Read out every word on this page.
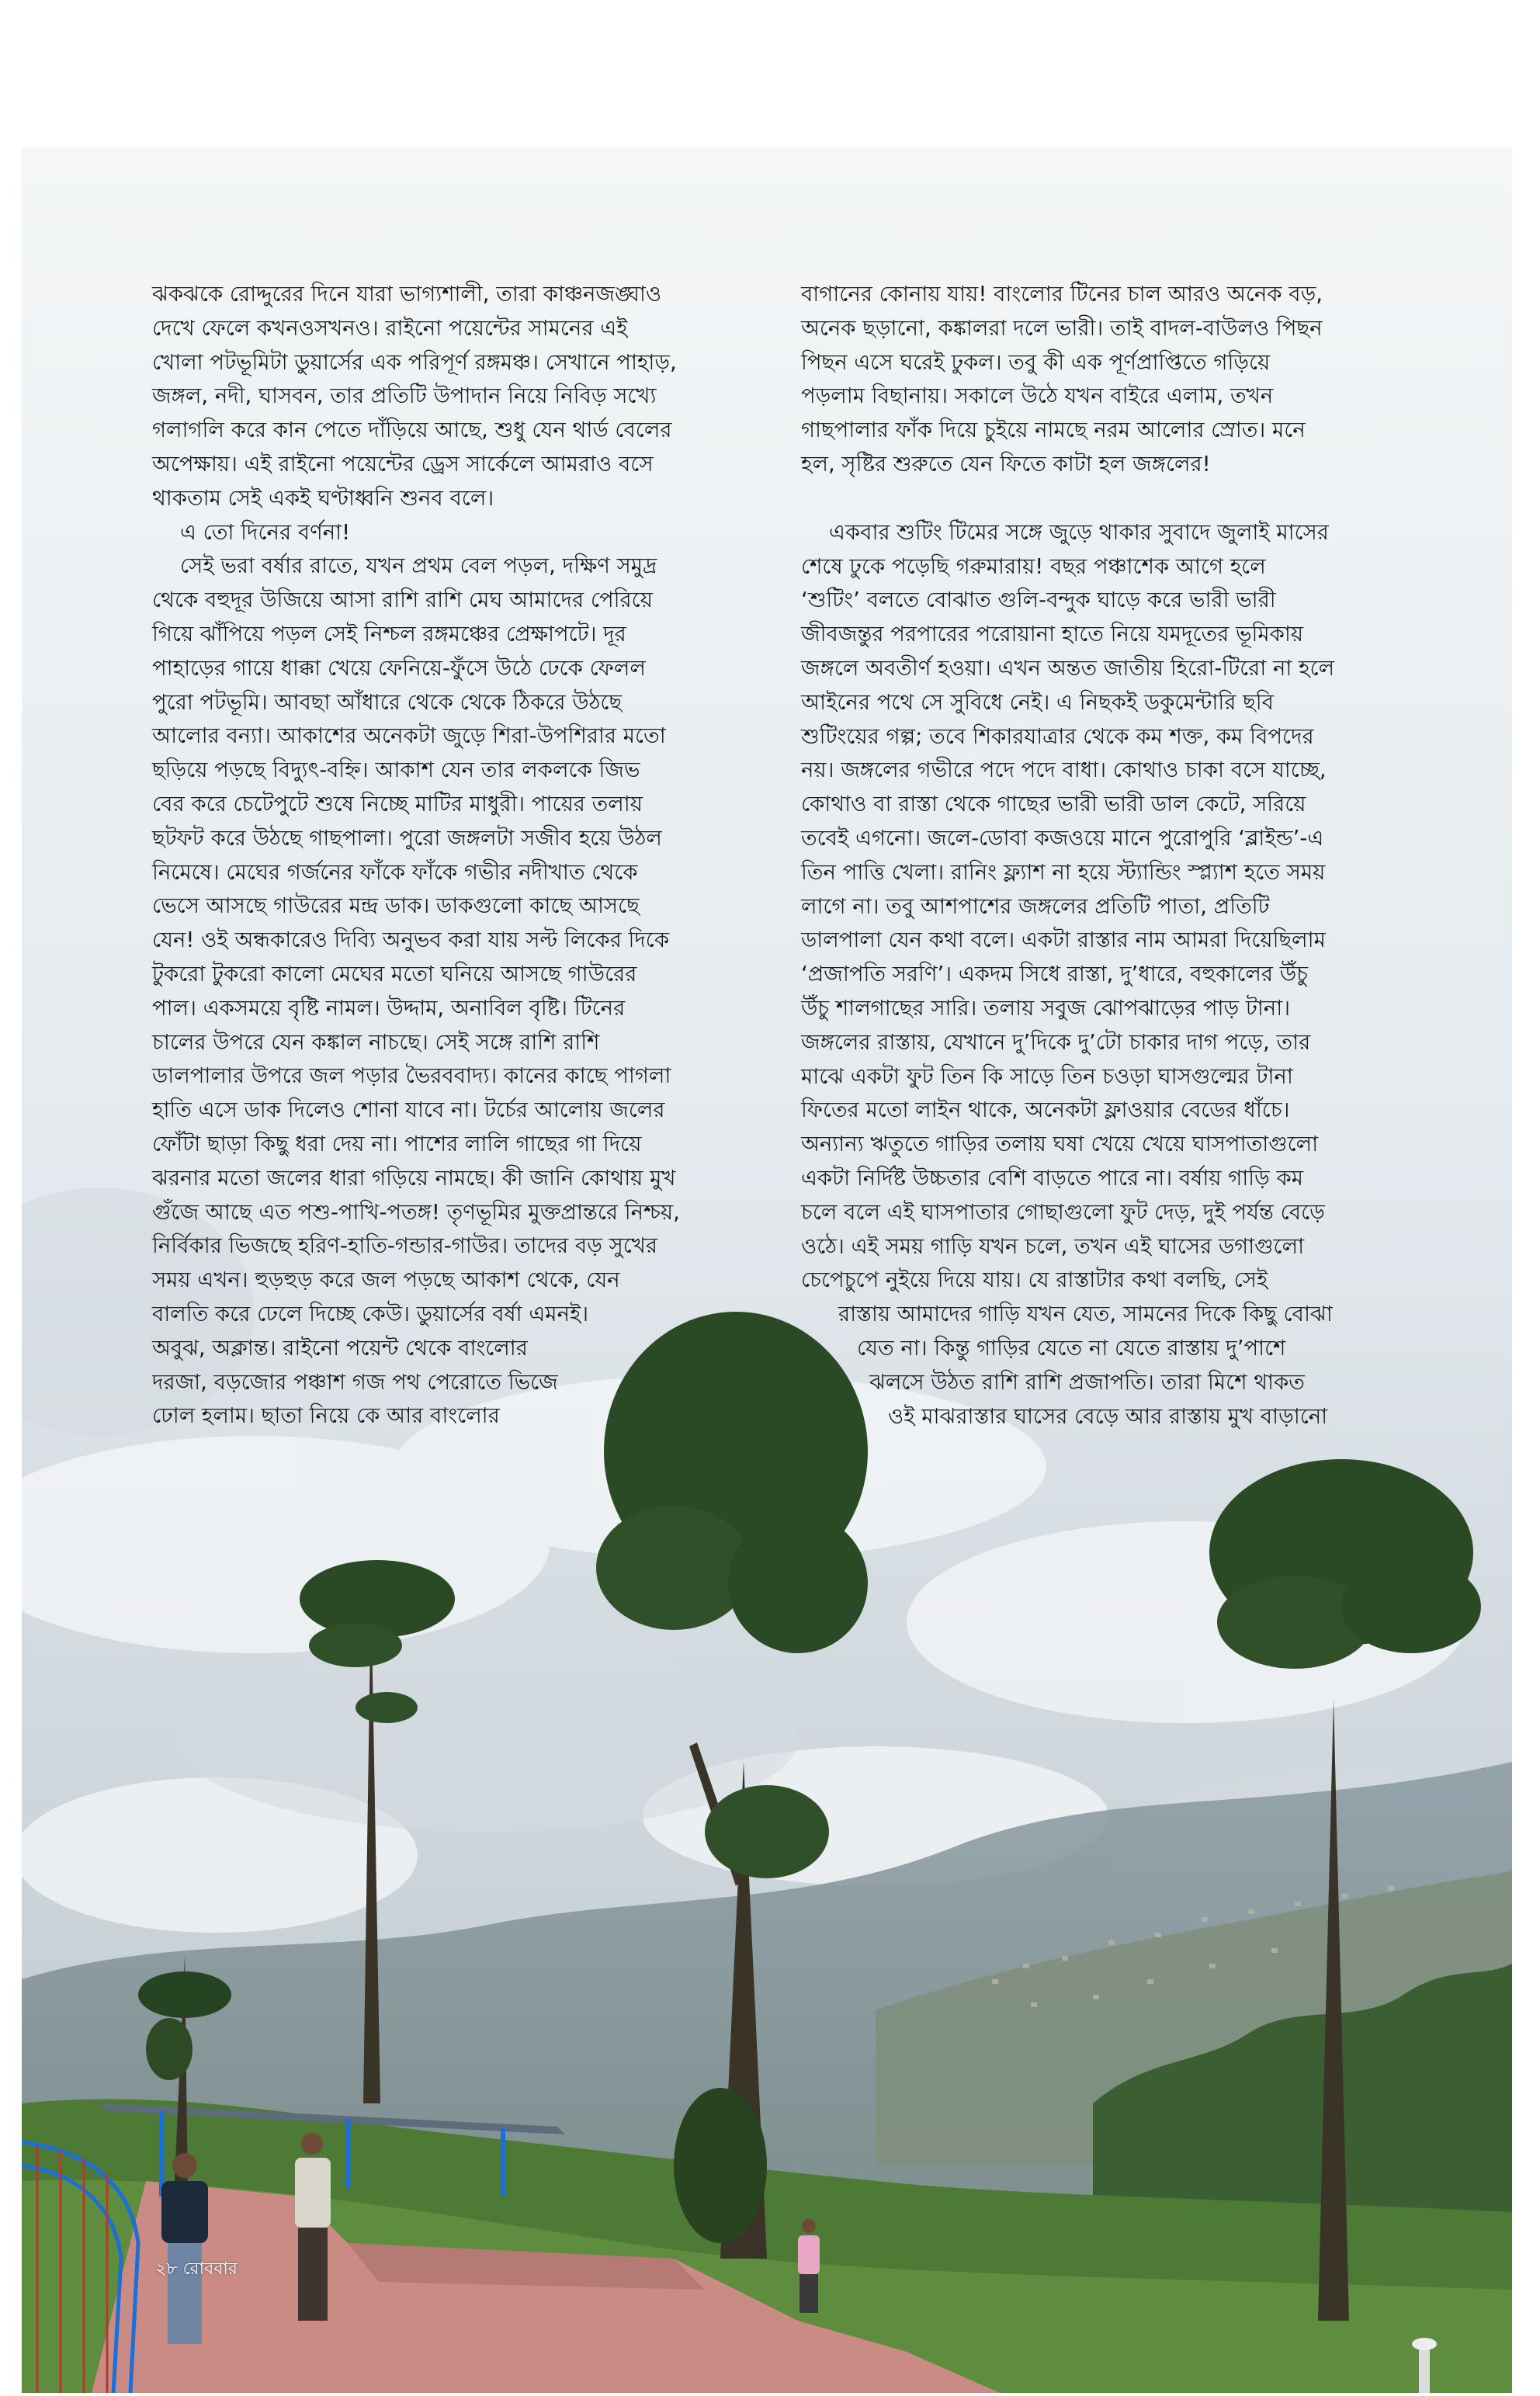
ঝকঝকে রোদ্দুরের দিনে যারা ভাগ্যশালী, তারা কাঞ্চনজঙ্ঘাও
দেখে ফেলে কখনওসখনও। রাইনো পয়েন্টের সামনের এই
খোলা পটভূমিটা ডুয়ার্সের এক পরিপূর্ণ রঙ্গমঞ্চ। সেখানে পাহাড়,
জঙ্গল, নদী, ঘাসবন, তার প্রতিটি উপাদান নিয়ে নিবিড় সখ্যে
গলাগলি করে কান পেতে দাঁড়িয়ে আছে, শুধু যেন থার্ড বেলের
অপেক্ষায়। এই রাইনো পয়েন্টের ড্রেস সার্কেলে আমরাও বসে
থাকতাম সেই একই ঘণ্টাধ্বনি শুনব বলে।

এ তো দিনের বর্ণনা!

সেই ভরা বর্ষার রাতে, যখন প্রথম বেল পড়ল, দক্ষিণ সমুদ্র
থেকে বহুদূর উজিয়ে আসা রাশি রাশি মেঘ আমাদের পেরিয়ে
গিয়ে ঝাঁপিয়ে পড়ল সেই নিশ্চল রঙ্গমঞ্চের প্রেক্ষাপটে। দূর
পাহাড়ের গায়ে ধাক্কা খেয়ে ফেনিয়ে-ফুঁসে উঠে ঢেকে ফেলল
পুরো পটভূমি। আবছা আঁধারে থেকে থেকে ঠিকরে উঠছে
আলোর বন্যা। আকাশের অনেকটা জুড়ে শিরা-উপশিরার মতো
ছড়িয়ে পড়ছে বিদ্যুৎ-বহ্নি। আকাশ যেন তার লকলকে জিভ
বের করে চেটেপুটে শুষে নিচ্ছে মাটির মাধুরী। পায়ের তলায়
ছটফট করে উঠছে গাছপালা। পুরো জঙ্গলটা সজীব হয়ে উঠল
নিমেষে। মেঘের গর্জনের ফাঁকে ফাঁকে গভীর নদীখাত থেকে
ভেসে আসছে গাউরের মন্দ্র ডাক। ডাকগুলো কাছে আসছে
যেন! ওই অন্ধকারেও দিব্যি অনুভব করা যায় সল্ট লিকের দিকে
টুকরো টুকরো কালো মেঘের মতো ঘনিয়ে আসছে গাউরের
পাল। একসময়ে বৃষ্টি নামল। উদ্দাম, অনাবিল বৃষ্টি। টিনের
চালের উপরে যেন কঙ্কাল নাচছে। সেই সঙ্গে রাশি রাশি
ডালপালার উপরে জল পড়ার ভৈরববাদ্য। কানের কাছে পাগলা
হাতি এসে ডাক দিলেও শোনা যাবে না। টর্চের আলোয় জলের
ফোঁটা ছাড়া কিছু ধরা দেয় না। পাশের লালি গাছের গা দিয়ে
ঝরনার মতো জলের ধারা গড়িয়ে নামছে। কী জানি কোথায় মুখ
গুঁজে আছে এত পশু-পাখি-পতঙ্গ! তৃণভূমির মুক্তপ্রান্তরে নিশ্চয়,
নির্বিকার ভিজছে হরিণ-হাতি-গন্ডার-গাউর। তাদের বড় সুখের
সময় এখন। হুড়হুড় করে জল পড়ছে আকাশ থেকে, যেন
বালতি করে ঢেলে দিচ্ছে কেউ। ডুয়ার্সের বর্ষা এমনই।
অবুঝ, অক্লান্ত। রাইনো পয়েন্ট থেকে বাংলোর
দরজা, বড়জোর পঞ্চাশ গজ পথ পেরোতে ভিজে
ঢোল হলাম। ছাতা নিয়ে কে আর বাংলোর

বাগানের কোনায় যায়! বাংলোর টিনের চাল আরও অনেক বড়,
অনেক ছড়ানো, কঙ্কালরা দলে ভারী। তাই বাদল-বাউলও পিছন
পিছন এসে ঘরেই ঢুকল। তবু কী এক পূর্ণপ্রাপ্তিতে গড়িয়ে
পড়লাম বিছানায়। সকালে উঠে যখন বাইরে এলাম, তখন
গাছপালার ফাঁক দিয়ে চুইয়ে নামছে নরম আলোর স্রোত। মনে
হল, সৃষ্টির শুরুতে যেন ফিতে কাটা হল জঙ্গলের!

একবার শুটিং টিমের সঙ্গে জুড়ে থাকার সুবাদে জুলাই মাসের
শেষে ঢুকে পড়েছি গরুমারায়! বছর পঞ্চাশেক আগে হলে
‘শুটিং’ বলতে বোঝাত গুলি-বন্দুক ঘাড়ে করে ভারী ভারী
জীবজন্তুর পরপারের পরোয়ানা হাতে নিয়ে যমদূতের ভূমিকায়
জঙ্গলে অবতীর্ণ হওয়া। এখন অন্তত জাতীয় হিরো-টিরো না হলে
আইনের পথে সে সুবিধে নেই। এ নিছকই ডকুমেন্টারি ছবি
শুটিংয়ের গল্প; তবে শিকারযাত্রার থেকে কম শক্ত, কম বিপদের
নয়। জঙ্গলের গভীরে পদে পদে বাধা। কোথাও চাকা বসে যাচ্ছে,
কোথাও বা রাস্তা থেকে গাছের ভারী ভারী ডাল কেটে, সরিয়ে
তবেই এগনো। জলে-ডোবা কজওয়ে মানে পুরোপুরি ‘ব্লাইন্ড’-এ
তিন পাত্তি খেলা। রানিং ফ্ল্যাশ না হয়ে স্ট্যান্ডিং স্প্ল্যাশ হতে সময়
লাগে না। তবু আশপাশের জঙ্গলের প্রতিটি পাতা, প্রতিটি
ডালপালা যেন কথা বলে। একটা রাস্তার নাম আমরা দিয়েছিলাম
‘প্রজাপতি সরণি’। একদম সিধে রাস্তা, দু’ধারে, বহুকালের উঁচু
উঁচু শালগাছের সারি। তলায় সবুজ ঝোপঝাড়ের পাড় টানা।
জঙ্গলের রাস্তায়, যেখানে দু’দিকে দু’টো চাকার দাগ পড়ে, তার
মাঝে একটা ফুট তিন কি সাড়ে তিন চওড়া ঘাসগুল্মের টানা
ফিতের মতো লাইন থাকে, অনেকটা ফ্লাওয়ার বেডের ধাঁচে।
অন্যান্য ঋতুতে গাড়ির তলায় ঘষা খেয়ে খেয়ে ঘাসপাতাগুলো
একটা নির্দিষ্ট উচ্চতার বেশি বাড়তে পারে না। বর্ষায় গাড়ি কম
চলে বলে এই ঘাসপাতার গোছাগুলো ফুট দেড়, দুই পর্যন্ত বেড়ে
ওঠে। এই সময় গাড়ি যখন চলে, তখন এই ঘাসের ডগাগুলো
চেপেচুপে নুইয়ে দিয়ে যায়। যে রাস্তাটার কথা বলছি, সেই
রাস্তায় আমাদের গাড়ি যখন যেত, সামনের দিকে কিছু বোঝা
যেত না। কিন্তু গাড়ির যেতে না যেতে রাস্তায় দু’পাশে
ঝলসে উঠত রাশি রাশি প্রজাপতি। তারা মিশে থাকত
ওই মাঝরাস্তার ঘাসের বেড়ে আর রাস্তায় মুখ বাড়ানো

২৮ রোববার
